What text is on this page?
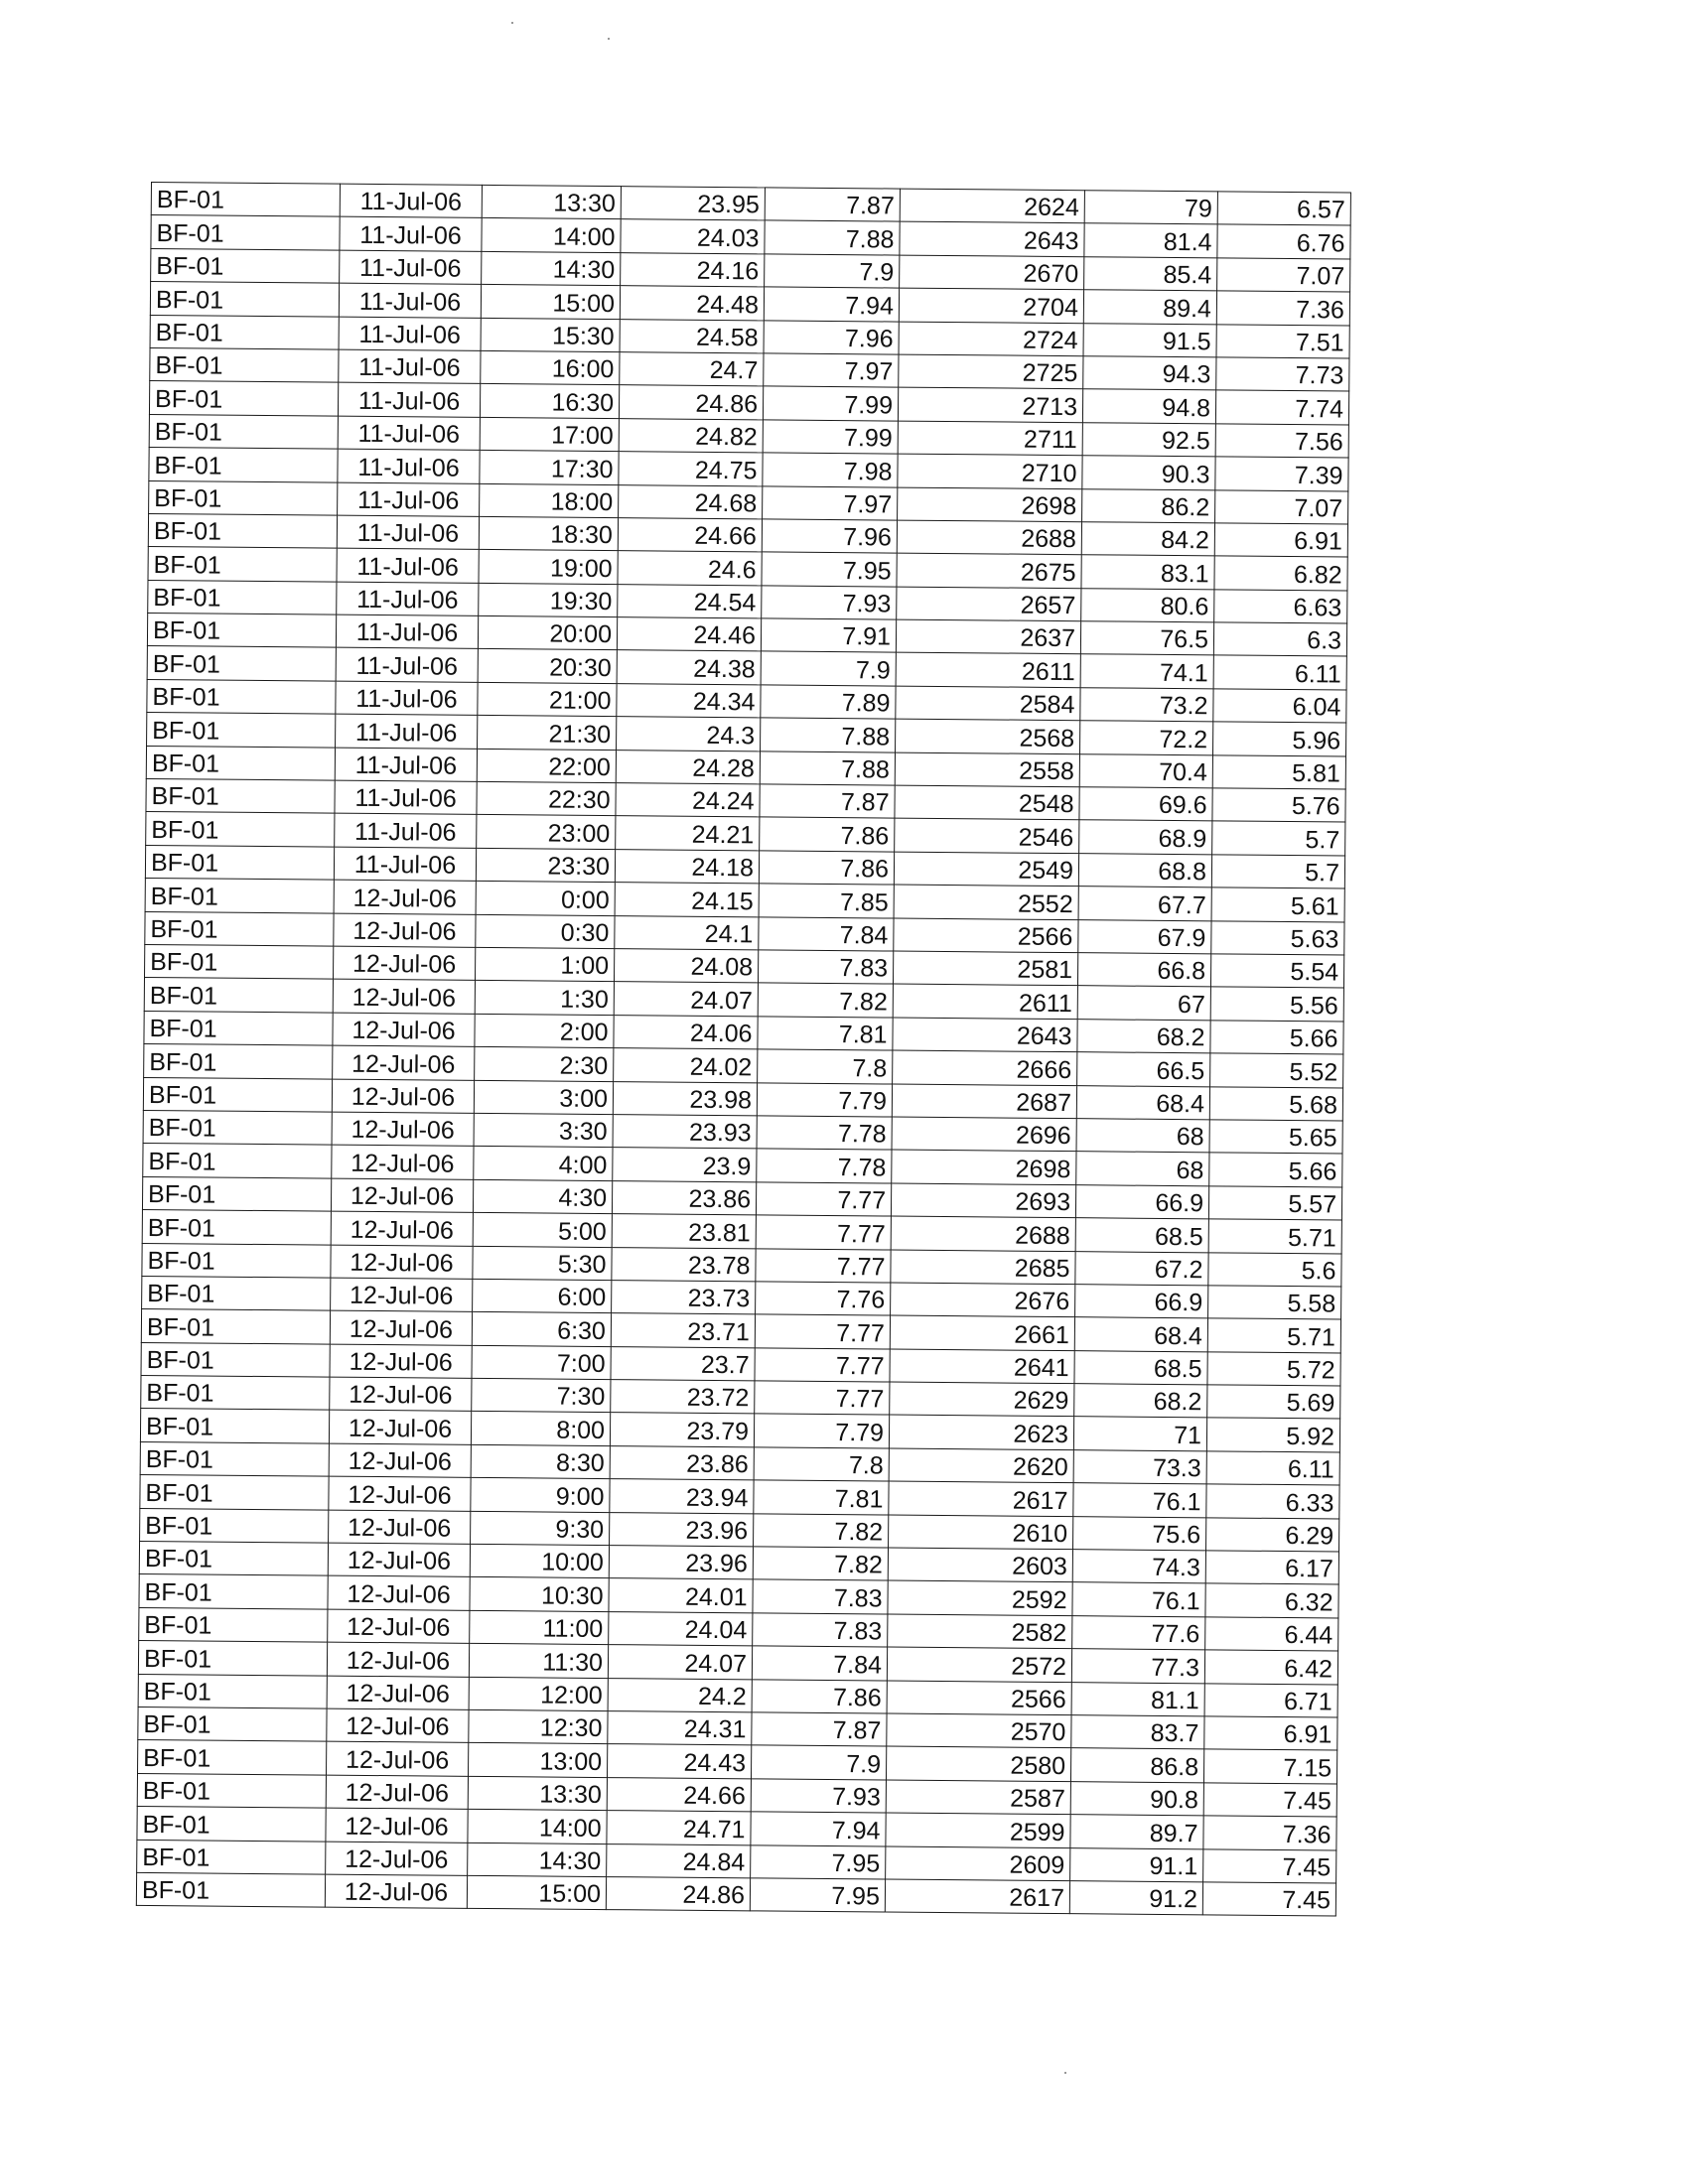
BF-01	11-Jul-06	13:30	23.95	7.87	2624	79	6.57
BF-01	11-Jul-06	14:00	24.03	7.88	2643	81.4	6.76
BF-01	11-Jul-06	14:30	24.16	7.9	2670	85.4	7.07
BF-01	11-Jul-06	15:00	24.48	7.94	2704	89.4	7.36
BF-01	11-Jul-06	15:30	24.58	7.96	2724	91.5	7.51
BF-01	11-Jul-06	16:00	24.7	7.97	2725	94.3	7.73
BF-01	11-Jul-06	16:30	24.86	7.99	2713	94.8	7.74
BF-01	11-Jul-06	17:00	24.82	7.99	2711	92.5	7.56
BF-01	11-Jul-06	17:30	24.75	7.98	2710	90.3	7.39
BF-01	11-Jul-06	18:00	24.68	7.97	2698	86.2	7.07
BF-01	11-Jul-06	18:30	24.66	7.96	2688	84.2	6.91
BF-01	11-Jul-06	19:00	24.6	7.95	2675	83.1	6.82
BF-01	11-Jul-06	19:30	24.54	7.93	2657	80.6	6.63
BF-01	11-Jul-06	20:00	24.46	7.91	2637	76.5	6.3
BF-01	11-Jul-06	20:30	24.38	7.9	2611	74.1	6.11
BF-01	11-Jul-06	21:00	24.34	7.89	2584	73.2	6.04
BF-01	11-Jul-06	21:30	24.3	7.88	2568	72.2	5.96
BF-01	11-Jul-06	22:00	24.28	7.88	2558	70.4	5.81
BF-01	11-Jul-06	22:30	24.24	7.87	2548	69.6	5.76
BF-01	11-Jul-06	23:00	24.21	7.86	2546	68.9	5.7
BF-01	11-Jul-06	23:30	24.18	7.86	2549	68.8	5.7
BF-01	12-Jul-06	0:00	24.15	7.85	2552	67.7	5.61
BF-01	12-Jul-06	0:30	24.1	7.84	2566	67.9	5.63
BF-01	12-Jul-06	1:00	24.08	7.83	2581	66.8	5.54
BF-01	12-Jul-06	1:30	24.07	7.82	2611	67	5.56
BF-01	12-Jul-06	2:00	24.06	7.81	2643	68.2	5.66
BF-01	12-Jul-06	2:30	24.02	7.8	2666	66.5	5.52
BF-01	12-Jul-06	3:00	23.98	7.79	2687	68.4	5.68
BF-01	12-Jul-06	3:30	23.93	7.78	2696	68	5.65
BF-01	12-Jul-06	4:00	23.9	7.78	2698	68	5.66
BF-01	12-Jul-06	4:30	23.86	7.77	2693	66.9	5.57
BF-01	12-Jul-06	5:00	23.81	7.77	2688	68.5	5.71
BF-01	12-Jul-06	5:30	23.78	7.77	2685	67.2	5.6
BF-01	12-Jul-06	6:00	23.73	7.76	2676	66.9	5.58
BF-01	12-Jul-06	6:30	23.71	7.77	2661	68.4	5.71
BF-01	12-Jul-06	7:00	23.7	7.77	2641	68.5	5.72
BF-01	12-Jul-06	7:30	23.72	7.77	2629	68.2	5.69
BF-01	12-Jul-06	8:00	23.79	7.79	2623	71	5.92
BF-01	12-Jul-06	8:30	23.86	7.8	2620	73.3	6.11
BF-01	12-Jul-06	9:00	23.94	7.81	2617	76.1	6.33
BF-01	12-Jul-06	9:30	23.96	7.82	2610	75.6	6.29
BF-01	12-Jul-06	10:00	23.96	7.82	2603	74.3	6.17
BF-01	12-Jul-06	10:30	24.01	7.83	2592	76.1	6.32
BF-01	12-Jul-06	11:00	24.04	7.83	2582	77.6	6.44
BF-01	12-Jul-06	11:30	24.07	7.84	2572	77.3	6.42
BF-01	12-Jul-06	12:00	24.2	7.86	2566	81.1	6.71
BF-01	12-Jul-06	12:30	24.31	7.87	2570	83.7	6.91
BF-01	12-Jul-06	13:00	24.43	7.9	2580	86.8	7.15
BF-01	12-Jul-06	13:30	24.66	7.93	2587	90.8	7.45
BF-01	12-Jul-06	14:00	24.71	7.94	2599	89.7	7.36
BF-01	12-Jul-06	14:30	24.84	7.95	2609	91.1	7.45
BF-01	12-Jul-06	15:00	24.86	7.95	2617	91.2	7.45
